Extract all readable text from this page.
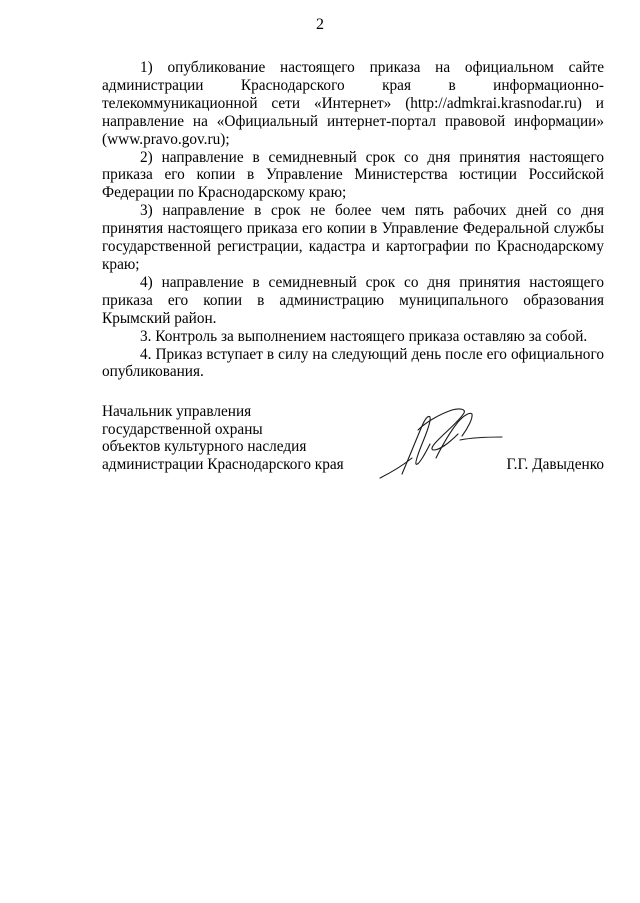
2

1) опубликование настоящего приказа на официальном сайте администрации Краснодарского края в информационно-телекоммуникационной сети «Интернет» (http://admkrai.krasnodar.ru) и направление на «Официальный интернет-портал правовой информации» (www.pravo.gov.ru);

2) направление в семидневный срок со дня принятия настоящего приказа его копии в Управление Министерства юстиции Российской Федерации по Краснодарскому краю;

3) направление в срок не более чем пять рабочих дней со дня принятия настоящего приказа его копии в Управление Федеральной службы государственной регистрации, кадастра и картографии по Краснодарскому краю;

4) направление в семидневный срок со дня принятия настоящего приказа его копии в администрацию муниципального образования Крымский район.

3. Контроль за выполнением настоящего приказа оставляю за собой.

4. Приказ вступает в силу на следующий день после его официального опубликования.

Начальник управления
государственной охраны
объектов культурного наследия
администрации Краснодарского края	Г.Г. Давыденко
